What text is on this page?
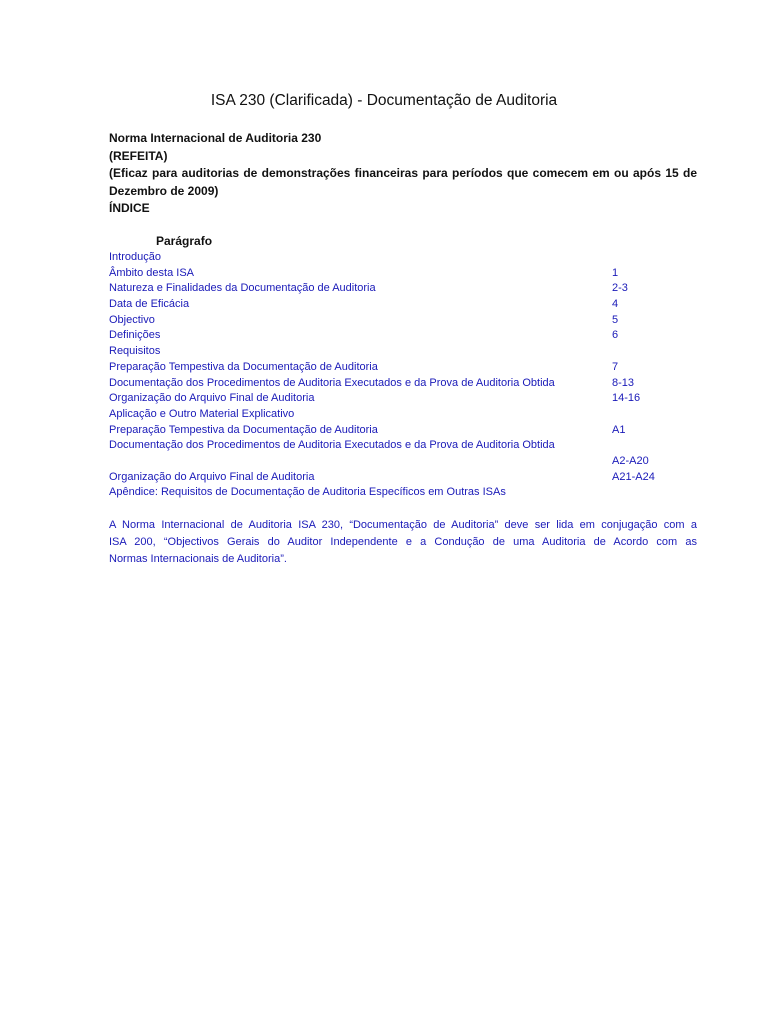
ISA 230 (Clarificada) - Documentação de Auditoria
Norma Internacional de Auditoria 230
(REFEITA)
(Eficaz para auditorias de demonstrações financeiras para períodos que comecem em ou após 15 de
Dezembro de 2009)
ÍNDICE
Parágrafo
Introdução
Âmbito desta ISA	1
Natureza e Finalidades da Documentação de Auditoria	2-3
Data de Eficácia	4
Objectivo	5
Definições	6
Requisitos
Preparação Tempestiva da Documentação de Auditoria	7
Documentação dos Procedimentos de Auditoria Executados e da Prova de Auditoria Obtida	8-13
Organização do Arquivo Final de Auditoria	14-16
Aplicação e Outro Material Explicativo
Preparação Tempestiva da Documentação de Auditoria	A1
Documentação dos Procedimentos de Auditoria Executados e da Prova de Auditoria Obtida
A2-A20
Organização do Arquivo Final de Auditoria	A21-A24
Apêndice: Requisitos de Documentação de Auditoria Específicos em Outras ISAs
A Norma Internacional de Auditoria ISA 230, “Documentação de Auditoria” deve ser lida em conjugação com a
ISA 200, “Objectivos Gerais do Auditor Independente e a Condução de uma Auditoria de Acordo com as
Normas Internacionais de Auditoria”.
